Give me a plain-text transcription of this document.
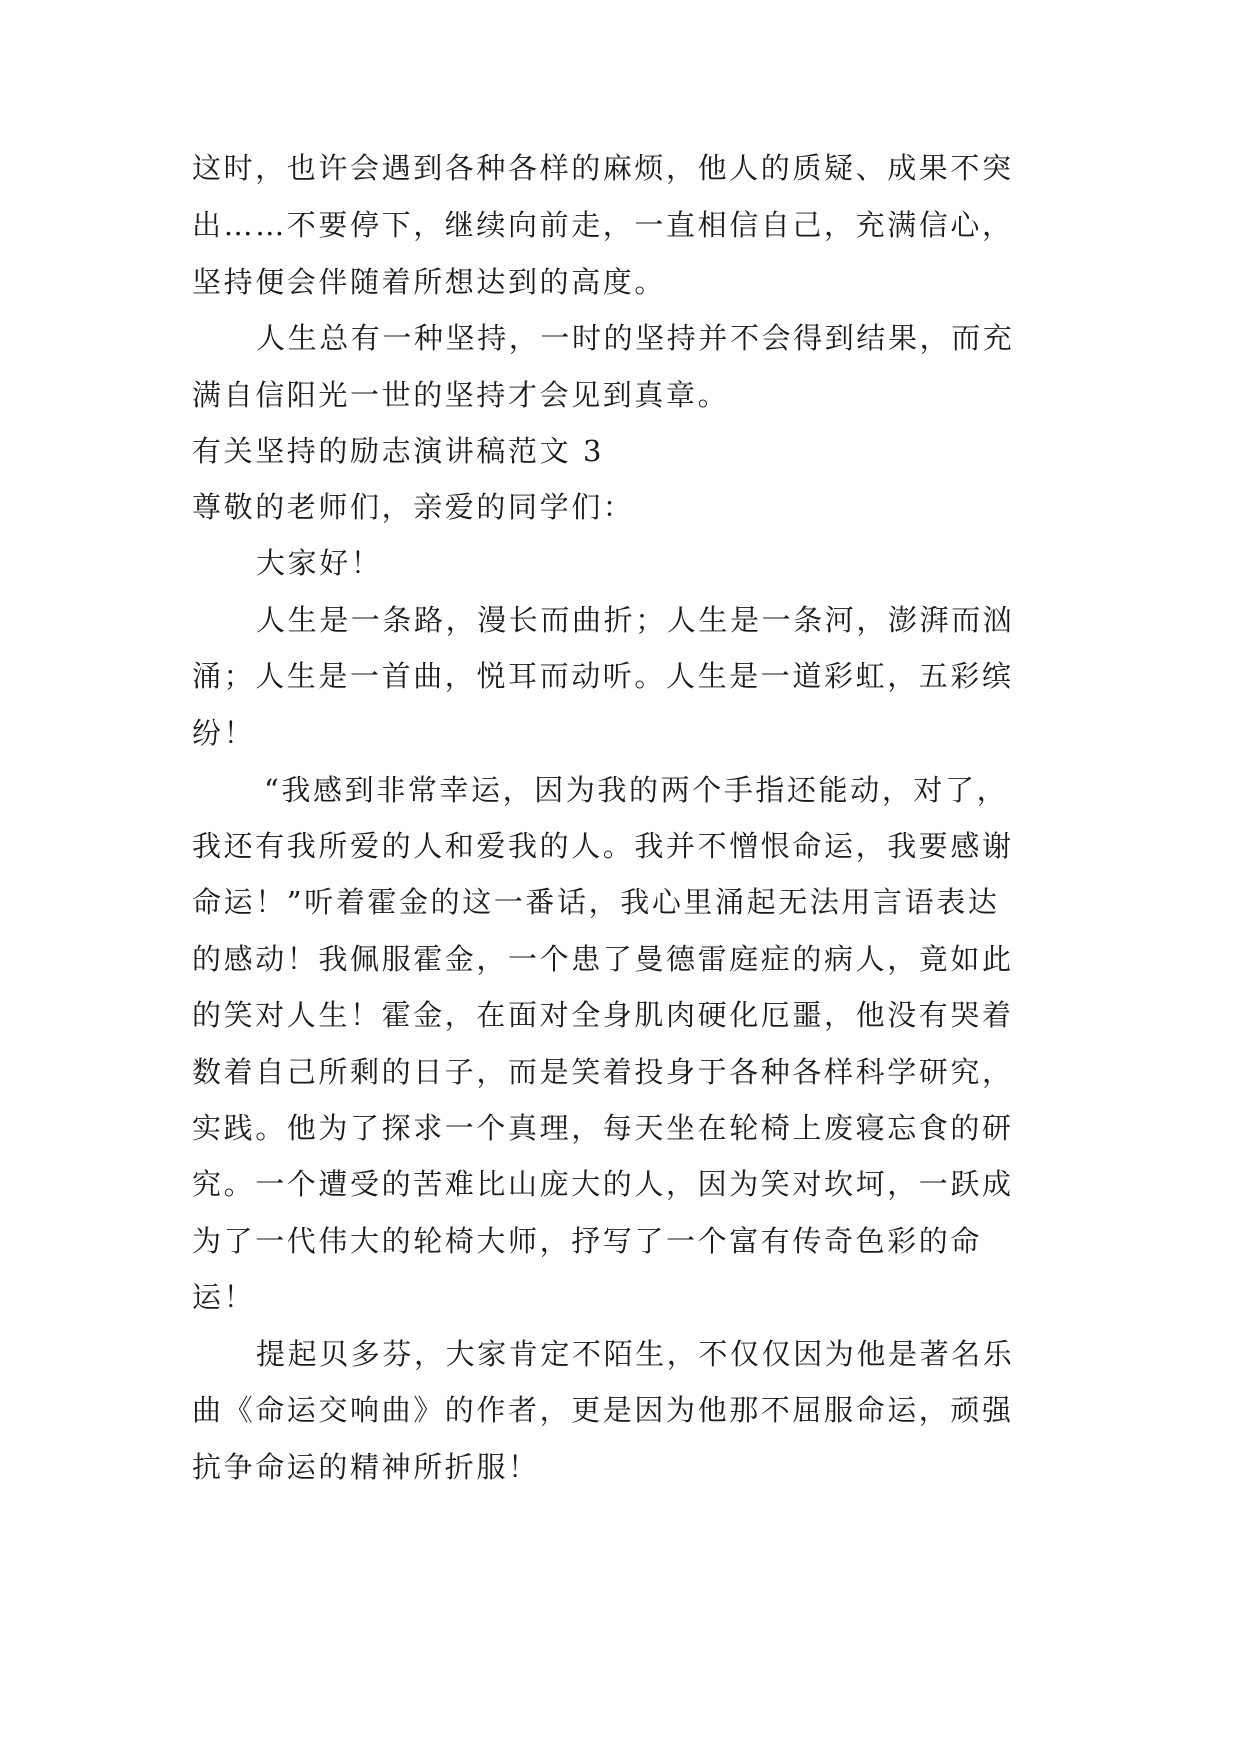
这时，也许会遇到各种各样的麻烦，他人的质疑、成果不突
出……不要停下，继续向前走，一直相信自己，充满信心，
坚持便会伴随着所想达到的高度。
人生总有一种坚持，一时的坚持并不会得到结果，而充
满自信阳光一世的坚持才会见到真章。
有关坚持的励志演讲稿范文 3
尊敬的老师们，亲爱的同学们：
大家好！
人生是一条路，漫长而曲折；人生是一条河，澎湃而汹
涌；人生是一首曲，悦耳而动听。人生是一道彩虹，五彩缤
纷！
“我感到非常幸运，因为我的两个手指还能动，对了，
我还有我所爱的人和爱我的人。我并不憎恨命运，我要感谢
命运！”听着霍金的这一番话，我心里涌起无法用言语表达
的感动！我佩服霍金，一个患了曼德雷庭症的病人，竟如此
的笑对人生！霍金，在面对全身肌肉硬化厄噩，他没有哭着
数着自己所剩的日子，而是笑着投身于各种各样科学研究，
实践。他为了探求一个真理，每天坐在轮椅上废寝忘食的研
究。一个遭受的苦难比山庞大的人，因为笑对坎坷，一跃成
为了一代伟大的轮椅大师，抒写了一个富有传奇色彩的命
运！
提起贝多芬，大家肯定不陌生，不仅仅因为他是著名乐
曲《命运交响曲》的作者，更是因为他那不屈服命运，顽强
抗争命运的精神所折服！
